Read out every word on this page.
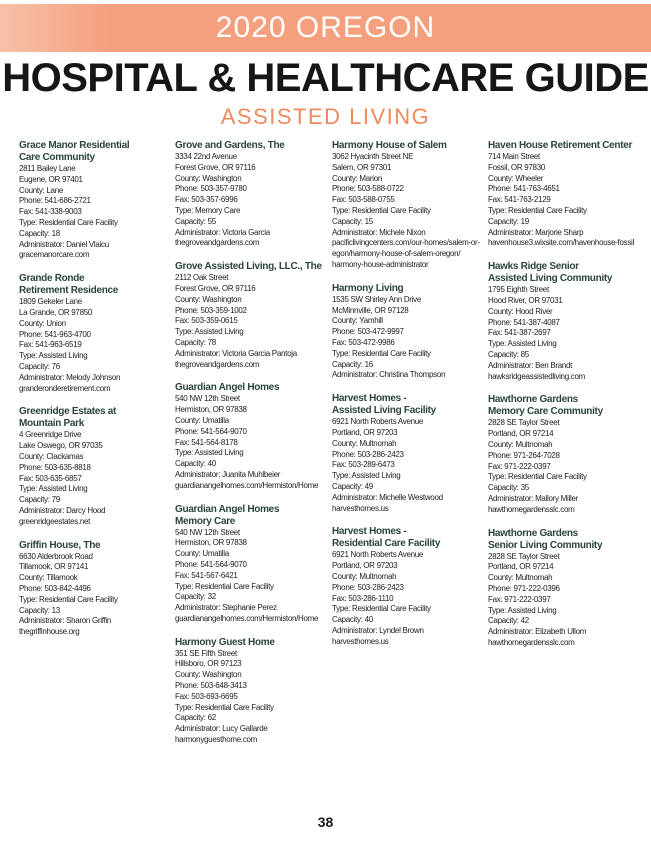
2020 OREGON
HOSPITAL & HEALTHCARE GUIDE
ASSISTED LIVING
Grace Manor Residential
Care Community
2811 Bailey Lane
Eugene, OR 97401
County: Lane
Phone: 541-686-2721
Fax: 541-338-9003
Type: Residential Care Facility
Capacity: 18
Administrator: Daniel Vlaicu
gracemanorcare.com
Grande Ronde
Retirement Residence
1809 Gekeler Lane
La Grande, OR 97850
County: Union
Phone: 541-963-4700
Fax: 541-963-6519
Type: Assisted Living
Capacity: 76
Administrator: Melody Johnson
granderonderetirement.com
Greenridge Estates at
Mountain Park
4 Greenridge Drive
Lake Oswego, OR 97035
County: Clackamas
Phone: 503-635-8818
Fax: 503-635-6857
Type: Assisted Living
Capacity: 79
Administrator: Darcy Hood
greenridgeestates.net
Griffin House, The
6630 Alderbrook Road
Tillamook, OR 97141
County: Tillamook
Phone: 503-842-4496
Type: Residential Care Facility
Capacity: 13
Administrator: Sharon Griffin
thegriffinhouse.org
Grove and Gardens, The
3334 22nd Avenue
Forest Grove, OR 97116
County: Washington
Phone: 503-357-9780
Fax: 503-357-6996
Type: Memory Care
Capacity: 55
Administrator: Victoria Garcia
thegroveandgardens.com
Grove Assisted Living, LLC., The
2112 Oak Street
Forest Grove, OR 97116
County: Washington
Phone: 503-359-1002
Fax: 503-359-0615
Type: Assisted Living
Capacity: 78
Administrator: Victoria Garcia Pantoja
thegroveandgardens.com
Guardian Angel Homes
540 NW 12th Street
Hermiston, OR 97838
County: Umatilla
Phone: 541-564-9070
Fax: 541-564-8178
Type: Assisted Living
Capacity: 40
Administrator: Juanita Muhlbeier
guardianangelhomes.com/Hermiston/Home
Guardian Angel Homes
Memory Care
540 NW 12th Street
Hermiston, OR 97838
County: Umatilla
Phone: 541-564-9070
Fax: 541-567-6421
Type: Residential Care Facility
Capacity: 32
Administrator: Stephanie Perez
guardianangelhomes.com/Hermiston/Home
Harmony Guest Home
351 SE Fifth Street
Hillsboro, OR 97123
County: Washington
Phone: 503-648-3413
Fax: 503-693-6695
Type: Residential Care Facility
Capacity: 62
Administrator: Lucy Gallarde
harmonyguesthome.com
Harmony House of Salem
3062 Hyacinth Street NE
Salem, OR 97301
County: Marion
Phone: 503-588-0722
Fax: 503-588-0755
Type: Residential Care Facility
Capacity: 15
Administrator: Michele Nixon
pacificlivingcenters.com/our-homes/salem-or-
egon/harmony-house-of-salem-oregon/
harmony-house-administrator
Harmony Living
1535 SW Shirley Ann Drive
McMinnville, OR 97128
County: Yamhill
Phone: 503-472-9997
Fax: 503-472-9986
Type: Residential Care Facility
Capacity: 16
Administrator: Christina Thompson
Harvest Homes -
Assisted Living Facility
6921 North Roberts Avenue
Portland, OR 97203
County: Multnomah
Phone: 503-286-2423
Fax: 503-289-6473
Type: Assisted Living
Capacity: 49
Administrator: Michelle Westwood
harvesthomes.us
Harvest Homes -
Residential Care Facility
6921 North Roberts Avenue
Portland, OR 97203
County: Multnomah
Phone: 503-286-2423
Fax: 503-286-1110
Type: Residential Care Facility
Capacity: 40
Administrator: Lyndel Brown
harvesthomes.us
Haven House Retirement Center
714 Main Street
Fossil, OR 97830
County: Wheeler
Phone: 541-763-4651
Fax: 541-763-2129
Type: Residential Care Facility
Capacity: 19
Administrator: Marjorie Sharp
havenhouse3.wixsite.com/havenhouse-fossil
Hawks Ridge Senior
Assisted Living Community
1795 Eighth Street
Hood River, OR 97031
County: Hood River
Phone: 541-387-4087
Fax: 541-387-2697
Type: Assisted Living
Capacity: 85
Administrator: Ben Brandt
hawksridgeassistedliving.com
Hawthorne Gardens
Memory Care Community
2828 SE Taylor Street
Portland, OR 97214
County: Multnomah
Phone: 971-264-7028
Fax: 971-222-0397
Type: Residential Care Facility
Capacity: 35
Administrator: Mallory Miller
hawthornegardensslc.com
Hawthorne Gardens
Senior Living Community
2828 SE Taylor Street
Portland, OR 97214
County: Multnomah
Phone: 971-222-0396
Fax: 971-222-0397
Type: Assisted Living
Capacity: 42
Administrator: Elizabeth Ullom
hawthornegardensslc.com
38
